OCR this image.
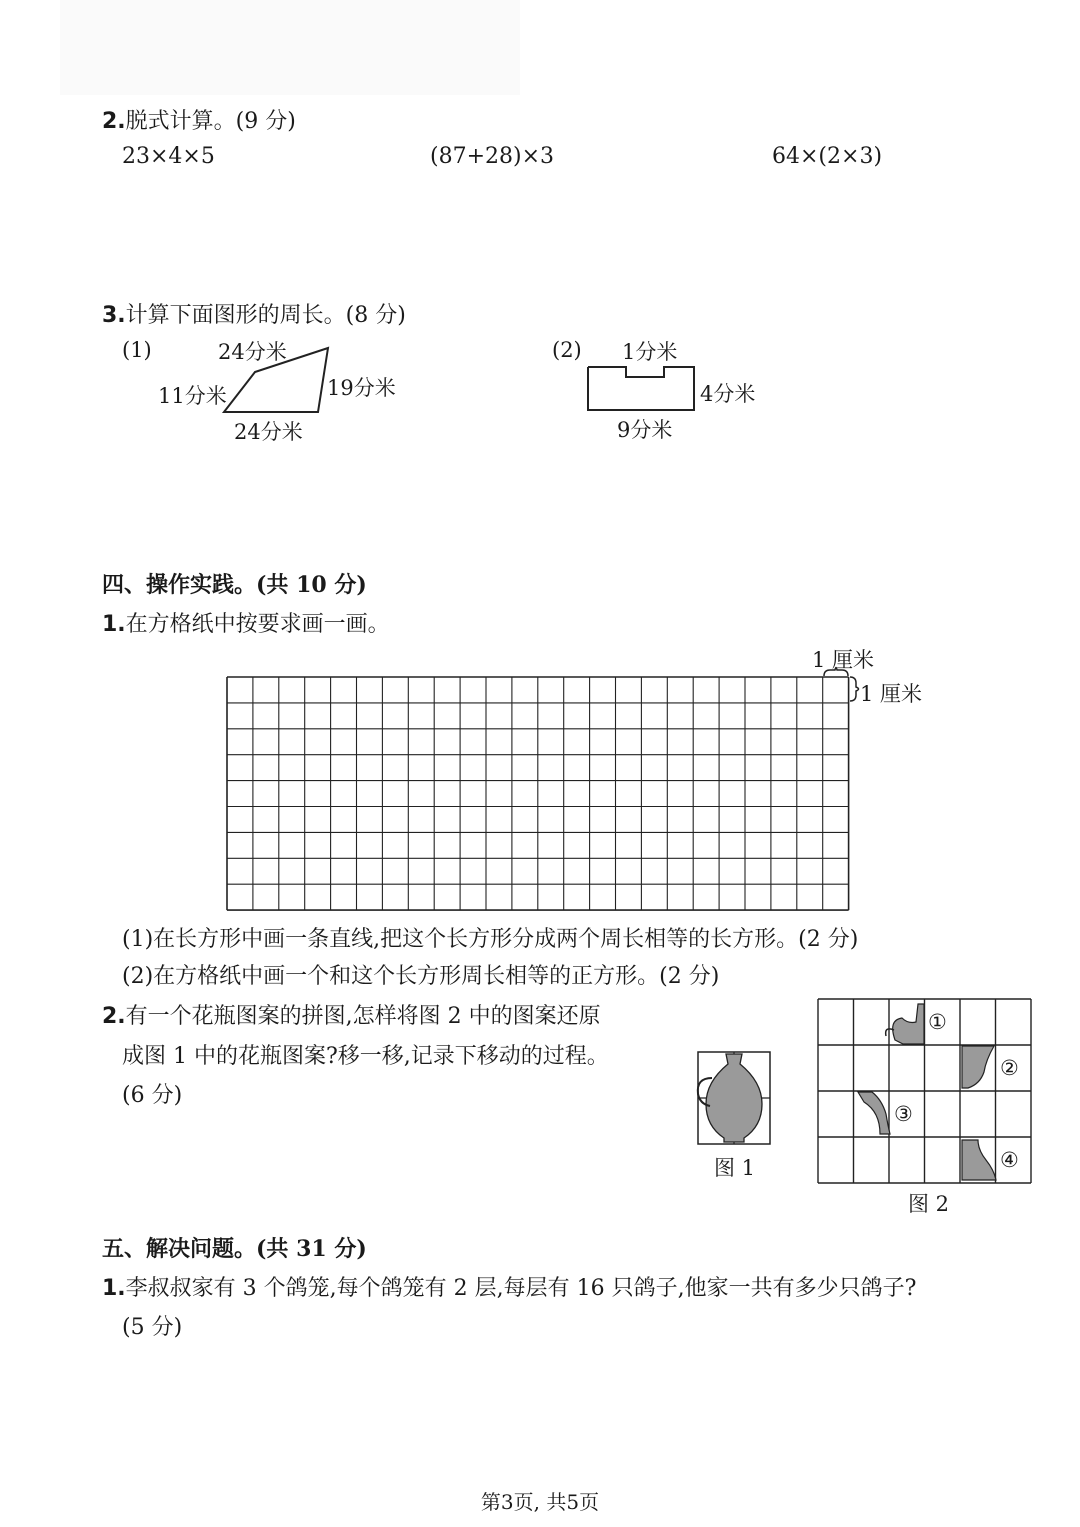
2.脱式计算。(9 分)
23×4×5	(87+28)×3	64×(2×3)
3.计算下面图形的周长。(8 分)
(1)	24分米
11分米	19分米
24分米
(2) 1分米
4分米
9分米
四、操作实践。(共 10 分)
1.在方格纸中按要求画一画。
1 厘米
1 厘米
(1)在长方形中画一条直线,把这个长方形分成两个周长相等的长方形。(2 分)
(2)在方格纸中画一个和这个长方形周长相等的正方形。(2 分)
2.有一个花瓶图案的拼图,怎样将图 2 中的图案还原
成图 1 中的花瓶图案?移一移,记录下移动的过程。
(6 分)
图 1
①
②
③
④
图 2
五、解决问题。(共 31 分)
1.李叔叔家有 3 个鸽笼,每个鸽笼有 2 层,每层有 16 只鸽子,他家一共有多少只鸽子?
(5 分)
第3页, 共5页
